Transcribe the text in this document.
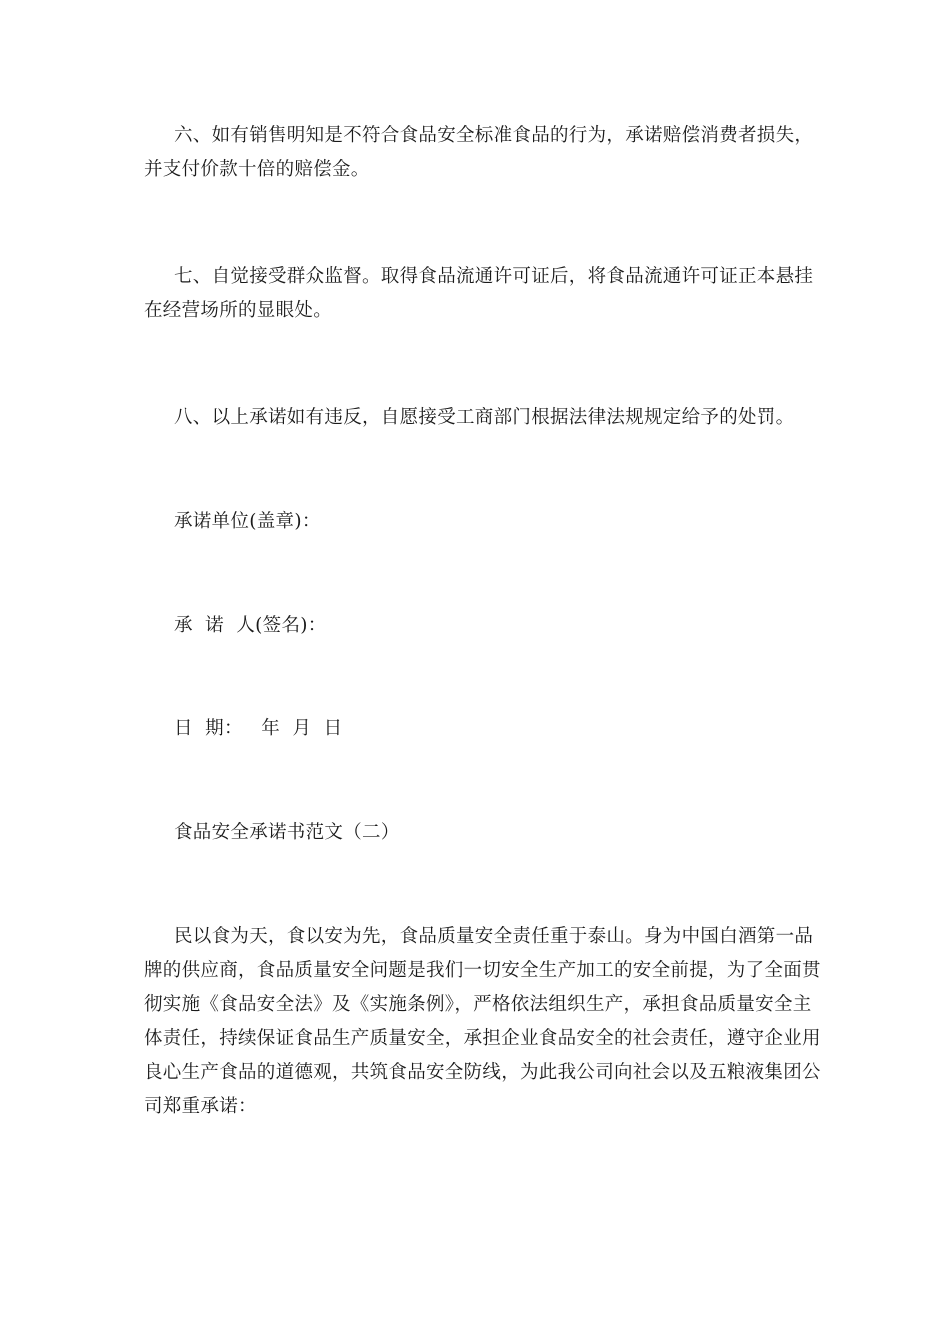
六、如有销售明知是不符合食品安全标准食品的行为，承诺赔偿消费者损失，并支付价款十倍的赔偿金。

七、自觉接受群众监督。取得食品流通许可证后，将食品流通许可证正本悬挂在经营场所的显眼处。

八、以上承诺如有违反，自愿接受工商部门根据法律法规规定给予的处罚。

承诺单位(盖章)：

承  诺  人(签名)：

日  期：   年  月  日

食品安全承诺书范文（二）

民以食为天，食以安为先，食品质量安全责任重于泰山。身为中国白酒第一品牌的供应商，食品质量安全问题是我们一切安全生产加工的安全前提，为了全面贯彻实施《食品安全法》及《实施条例》，严格依法组织生产，承担食品质量安全主体责任，持续保证食品生产质量安全，承担企业食品安全的社会责任，遵守企业用良心生产食品的道德观，共筑食品安全防线，为此我公司向社会以及五粮液集团公司郑重承诺：
